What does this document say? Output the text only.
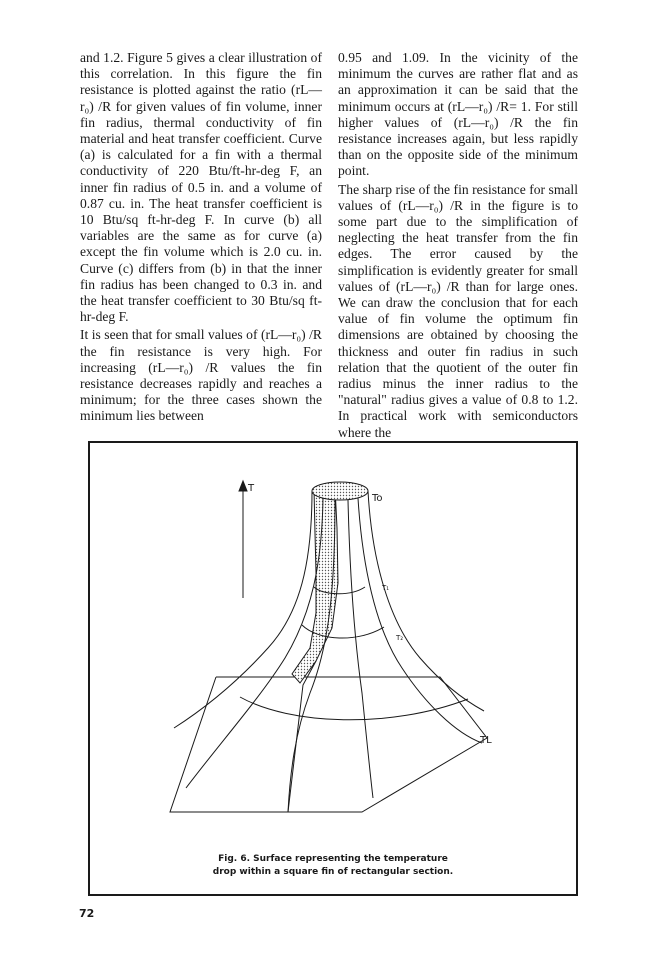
and 1.2. Figure 5 gives a clear illustration of this correlation. In this figure the fin resistance is plotted against the ratio (rL—r₀) /R for given values of fin volume, inner fin radius, thermal conductivity of fin material and heat transfer coefficient. Curve (a) is calculated for a fin with a thermal conductivity of 220 Btu/ft-hr-deg F, an inner fin radius of 0.5 in. and a volume of 0.87 cu. in. The heat transfer coefficient is 10 Btu/sq ft-hr-deg F. In curve (b) all variables are the same as for curve (a) except the fin volume which is 2.0 cu. in. Curve (c) differs from (b) in that the inner fin radius has been changed to 0.3 in. and the heat transfer coefficient to 30 Btu/sq ft-hr-deg F.

It is seen that for small values of (rL—r₀) /R the fin resistance is very high. For increasing (rL—r₀) /R values the fin resistance decreases rapidly and reaches a minimum; for the three cases shown the minimum lies between

0.95 and 1.09. In the vicinity of the minimum the curves are rather flat and as an approximation it can be said that the minimum occurs at (rL—r₀) /R= 1. For still higher values of (rL—r₀) /R the fin resistance increases again, but less rapidly than on the opposite side of the minimum point.

The sharp rise of the fin resistance for small values of (rL—r₀) /R in the figure is to some part due to the simplification of neglecting the heat transfer from the fin edges. The error caused by the simplification is evidently greater for small values of (rL—r₀) /R than for large ones. We can draw the conclusion that for each value of fin volume the optimum fin dimensions are obtained by choosing the thickness and outer fin radius in such relation that the quotient of the outer fin radius minus the inner radius to the "natural" radius gives a value of 0.8 to 1.2. In practical work with semiconductors where the

T
To
T₁
T₂
TL
Fig. 6. Surface representing the temperature
drop within a square fin of rectangular section.
72
